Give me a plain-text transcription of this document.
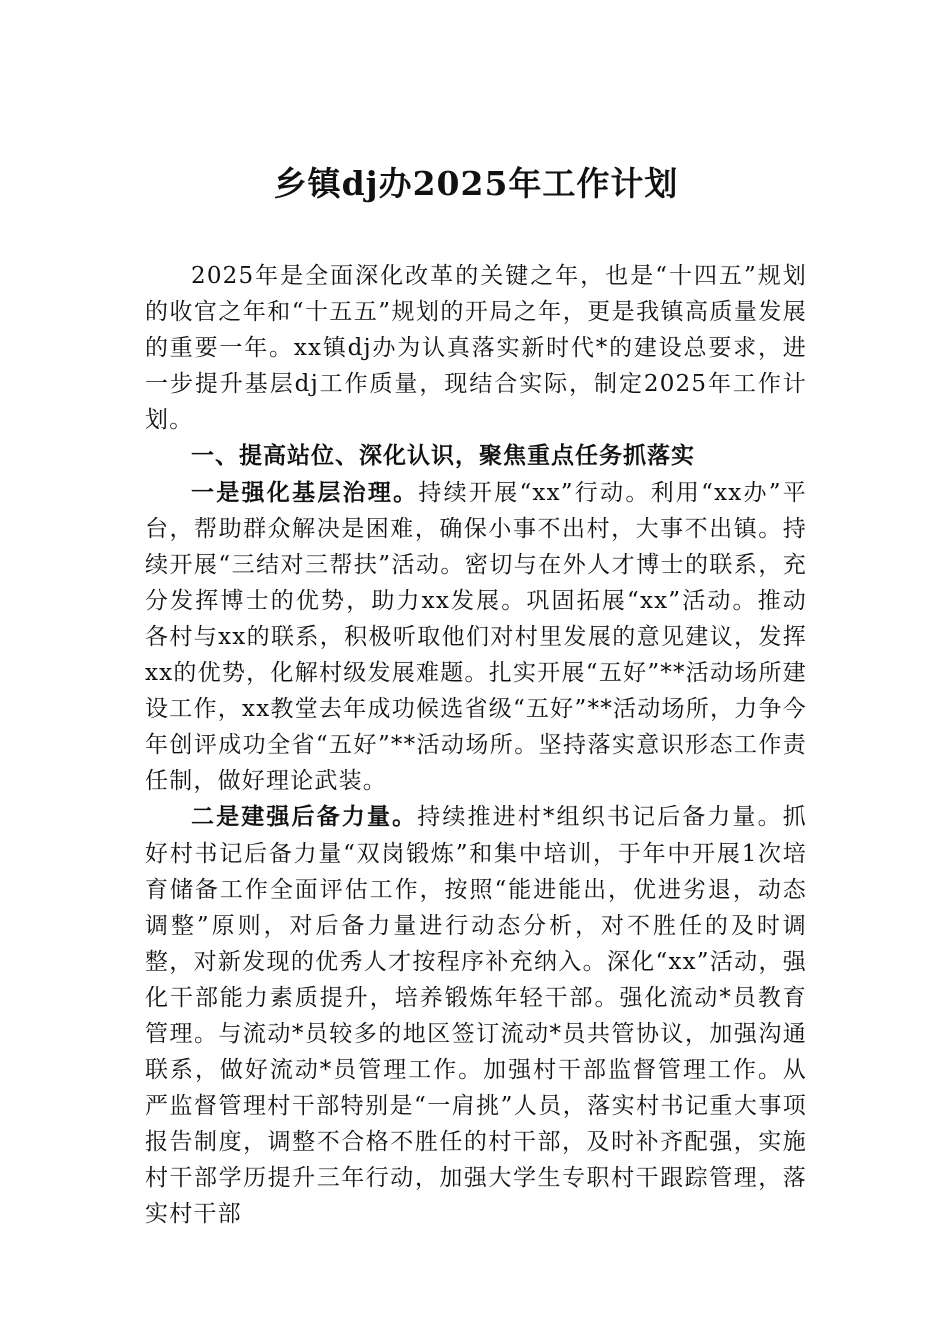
乡镇dj办2025年工作计划

2025年是全面深化改革的关键之年，也是“十四五”规划的收官之年和“十五五”规划的开局之年，更是我镇高质量发展的重要一年。xx镇dj办为认真落实新时代*的建设总要求，进一步提升基层dj工作质量，现结合实际，制定2025年工作计划。

一、提高站位、深化认识，聚焦重点任务抓落实

一是强化基层治理。持续开展“xx”行动。利用“xx办”平台，帮助群众解决是困难，确保小事不出村，大事不出镇。持续开展“三结对三帮扶”活动。密切与在外人才博士的联系，充分发挥博士的优势，助力xx发展。巩固拓展“xx”活动。推动各村与xx的联系，积极听取他们对村里发展的意见建议，发挥xx的优势，化解村级发展难题。扎实开展“五好”**活动场所建设工作，xx教堂去年成功候选省级“五好”**活动场所，力争今年创评成功全省“五好”**活动场所。坚持落实意识形态工作责任制，做好理论武装。

二是建强后备力量。持续推进村*组织书记后备力量。抓好村书记后备力量“双岗锻炼”和集中培训，于年中开展1次培育储备工作全面评估工作，按照“能进能出，优进劣退，动态调整”原则，对后备力量进行动态分析，对不胜任的及时调整，对新发现的优秀人才按程序补充纳入。深化“xx”活动，强化干部能力素质提升，培养锻炼年轻干部。强化流动*员教育管理。与流动*员较多的地区签订流动*员共管协议，加强沟通联系，做好流动*员管理工作。加强村干部监督管理工作。从严监督管理村干部特别是“一肩挑”人员，落实村书记重大事项报告制度，调整不合格不胜任的村干部，及时补齐配强，实施村干部学历提升三年行动，加强大学生专职村干跟踪管理，落实村干部
